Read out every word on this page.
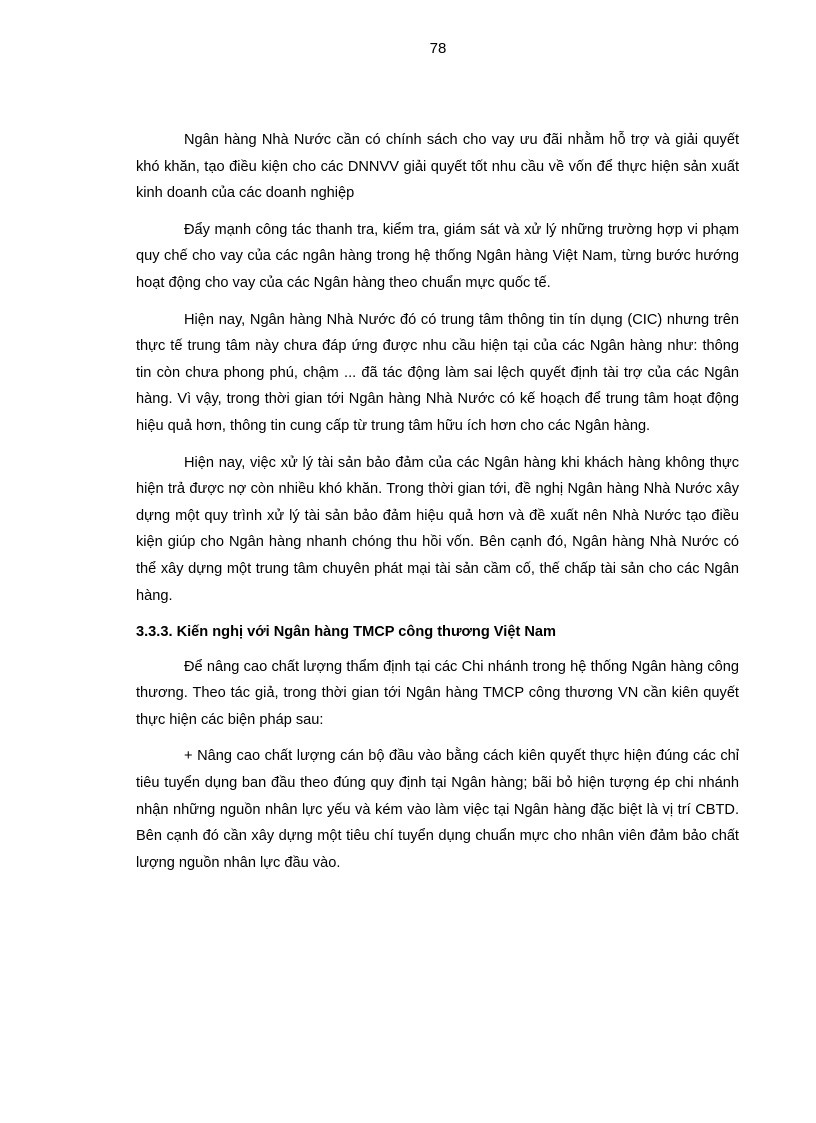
78

Ngân hàng Nhà Nước cần có chính sách cho vay ưu đãi nhằm hỗ trợ và giải quyết khó khăn, tạo điều kiện cho các DNNVV giải quyết tốt nhu cầu về vốn để thực hiện sản xuất kinh doanh của các doanh nghiệp

Đẩy mạnh công tác thanh tra, kiểm tra, giám sát và xử lý những trường hợp vi phạm quy chế cho vay của các ngân hàng trong hệ thống Ngân hàng Việt Nam, từng bước hướng hoạt động cho vay của các Ngân hàng theo chuẩn mực quốc tế.

Hiện nay, Ngân hàng Nhà Nước đó có trung tâm thông tin tín dụng (CIC) nhưng trên thực tế trung tâm này chưa đáp ứng được nhu cầu hiện tại của các Ngân hàng như: thông tin còn chưa phong phú, chậm ... đã tác động làm sai lệch quyết định tài trợ của các Ngân hàng. Vì vậy, trong thời gian tới Ngân hàng Nhà Nước có kế hoạch để trung tâm hoạt động hiệu quả hơn, thông tin cung cấp từ trung tâm hữu ích hơn cho các Ngân hàng.

Hiện nay, việc xử lý tài sản bảo đảm của các Ngân hàng khi khách hàng không thực hiện trả được nợ còn nhiều khó khăn. Trong thời gian tới, đề nghị Ngân hàng Nhà Nước xây dựng một quy trình xử lý tài sản bảo đảm hiệu quả hơn và đề xuất nên Nhà Nước tạo điều kiện giúp cho Ngân hàng nhanh chóng thu hồi vốn. Bên cạnh đó, Ngân hàng Nhà Nước có thể xây dựng một trung tâm chuyên phát mại tài sản cầm cố, thế chấp tài sản cho các Ngân hàng.

3.3.3. Kiến nghị với Ngân hàng TMCP công thương Việt Nam

Để nâng cao chất lượng thẩm định tại các Chi nhánh trong hệ thống Ngân hàng công thương. Theo tác giả, trong thời gian tới Ngân hàng TMCP công thương VN cần kiên quyết thực hiện các biện pháp sau:

+ Nâng cao chất lượng cán bộ đầu vào bằng cách kiên quyết thực hiện đúng các chỉ tiêu tuyển dụng ban đầu theo đúng quy định tại Ngân hàng; bãi bỏ hiện tượng ép chi nhánh nhận những nguồn nhân lực yếu và kém vào làm việc tại Ngân hàng đặc biệt là vị trí CBTD. Bên cạnh đó cần xây dựng một tiêu chí tuyển dụng chuẩn mực cho nhân viên đảm bảo chất lượng nguồn nhân lực đầu vào.
